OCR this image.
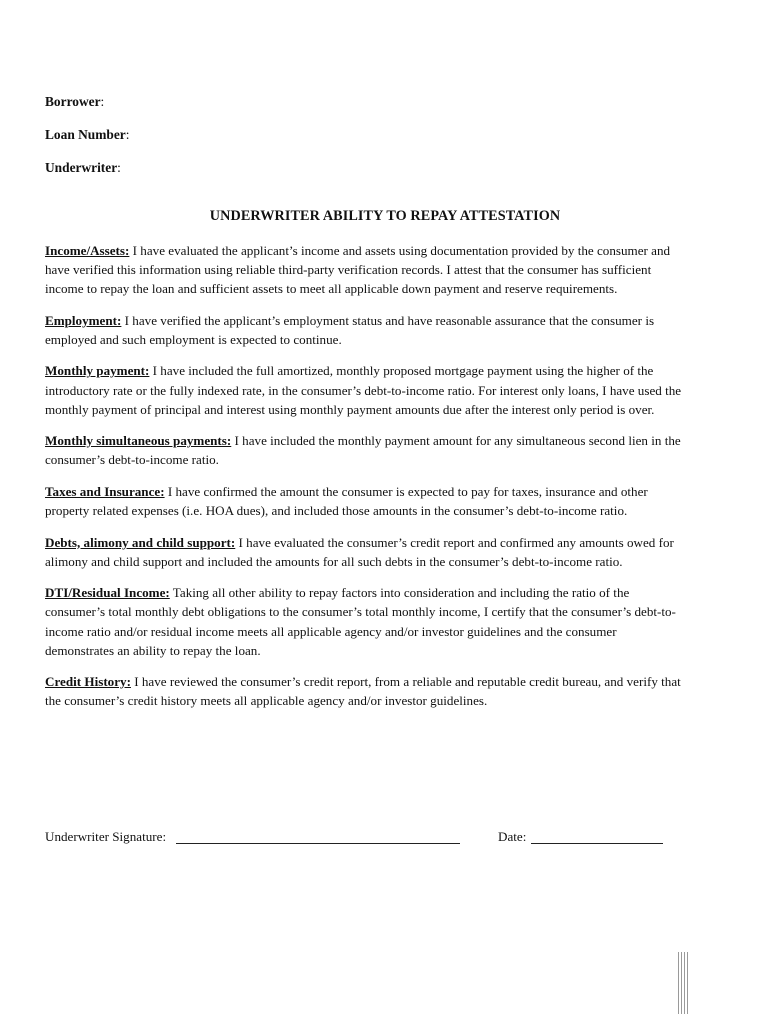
Borrower:
Loan Number:
Underwriter:
UNDERWRITER ABILITY TO REPAY ATTESTATION

Income/Assets: I have evaluated the applicant’s income and assets using documentation provided by the consumer and have verified this information using reliable third-party verification records. I attest that the consumer has sufficient income to repay the loan and sufficient assets to meet all applicable down payment and reserve requirements.

Employment: I have verified the applicant’s employment status and have reasonable assurance that the consumer is employed and such employment is expected to continue.

Monthly payment: I have included the full amortized, monthly proposed mortgage payment using the higher of the introductory rate or the fully indexed rate, in the consumer’s debt-to-income ratio. For interest only loans, I have used the monthly payment of principal and interest using monthly payment amounts due after the interest only period is over.

Monthly simultaneous payments: I have included the monthly payment amount for any simultaneous second lien in the consumer’s debt-to-income ratio.

Taxes and Insurance: I have confirmed the amount the consumer is expected to pay for taxes, insurance and other property related expenses (i.e. HOA dues), and included those amounts in the consumer’s debt-to-income ratio.

Debts, alimony and child support: I have evaluated the consumer’s credit report and confirmed any amounts owed for alimony and child support and included the amounts for all such debts in the consumer’s debt-to-income ratio.

DTI/Residual Income: Taking all other ability to repay factors into consideration and including the ratio of the consumer’s total monthly debt obligations to the consumer’s total monthly income, I certify that the consumer’s debt-to-income ratio and/or residual income meets all applicable agency and/or investor guidelines and the consumer demonstrates an ability to repay the loan.

Credit History: I have reviewed the consumer’s credit report, from a reliable and reputable credit bureau, and verify that the consumer’s credit history meets all applicable agency and/or investor guidelines.

Underwriter Signature:	Date:
